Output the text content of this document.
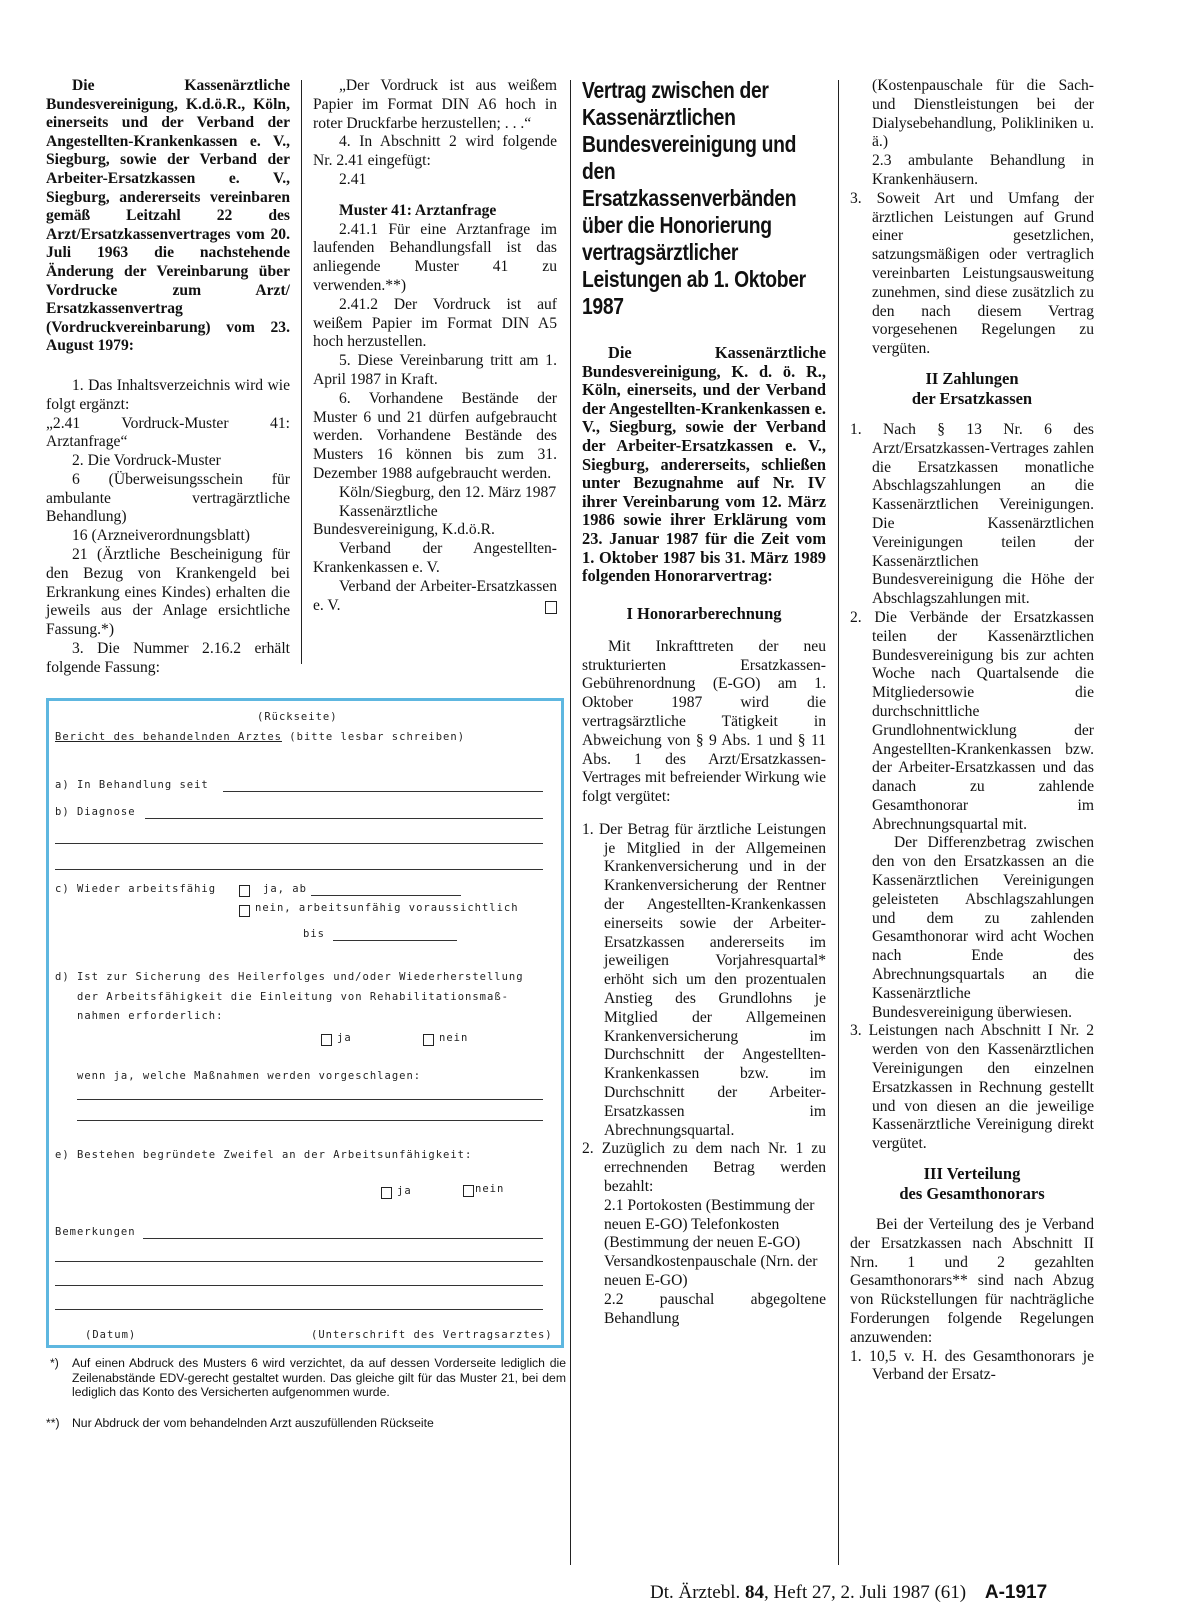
Die Kassenärztliche Bundesvereinigung, K.d.ö.R., Köln, einerseits und der Verband der Angestellten-Krankenkassen e. V., Siegburg, sowie der Verband der Arbeiter-Ersatzkassen e. V., Siegburg, andererseits vereinbaren gemäß Leitzahl 22 des Arzt/Ersatzkassenvertrages vom 20. Juli 1963 die nachstehende Änderung der Vereinbarung über Vordrucke zum Arzt/ Ersatzkassenvertrag (Vordruckvereinbarung) vom 23. August 1979:

1. Das Inhaltsverzeichnis wird wie folgt ergänzt:

„2.41 Vordruck-Muster 41: Arztanfrage“

2. Die Vordruck-Muster

6 (Überweisungsschein für ambulante vertragärztliche Behandlung)

16 (Arzneiverordnungsblatt)

21 (Ärztliche Bescheinigung für den Bezug von Krankengeld bei Erkrankung eines Kindes) erhalten die jeweils aus der Anlage ersichtliche Fassung.*)

3. Die Nummer 2.16.2 erhält folgende Fassung:

„Der Vordruck ist aus weißem Papier im Format DIN A6 hoch in roter Druckfarbe herzustellen; . . .“

4. In Abschnitt 2 wird folgende Nr. 2.41 eingefügt:

2.41

Muster 41: Arztanfrage

2.41.1 Für eine Arztanfrage im laufenden Behandlungsfall ist das anliegende Muster 41 zu verwenden.**)

2.41.2 Der Vordruck ist auf weißem Papier im Format DIN A5 hoch herzustellen.

5. Diese Vereinbarung tritt am 1. April 1987 in Kraft.

6. Vorhandene Bestände der Muster 6 und 21 dürfen aufgebraucht werden. Vorhandene Bestände des Musters 16 können bis zum 31. Dezember 1988 aufgebraucht werden.

Köln/Siegburg, den 12. März 1987

Kassenärztliche Bundesvereinigung, K.d.ö.R.

Verband der Angestellten-Krankenkassen e. V.

Verband der Arbeiter-Ersatzkassen e. V.

(Rückseite)
Bericht des behandelnden Arztes (bitte lesbar schreiben)
a) In Behandlung seit
b) Diagnose
c) Wieder arbeitsfähig	ja, ab
nein, arbeitsunfähig voraussichtlich
bis
d) Ist zur Sicherung des Heilerfolges und/oder Wiederherstellung
der Arbeitsfähigkeit die Einleitung von Rehabilitationsmaß-
nahmen erforderlich:
ja	nein
wenn ja, welche Maßnahmen werden vorgeschlagen:
e) Bestehen begründete Zweifel an der Arbeitsunfähigkeit:
ja	nein
Bemerkungen
(Datum)	(Unterschrift des Vertragsarztes)
*) Auf einen Abdruck des Musters 6 wird verzichtet, da auf dessen Vorderseite lediglich die Zeilenabstände EDV-gerecht gestaltet wurden. Das gleiche gilt für das Muster 21, bei dem lediglich das Konto des Versicherten aufgenommen wurde.
**) Nur Abdruck der vom behandelnden Arzt auszufüllenden Rückseite
Vertrag zwischen der Kassenärztlichen Bundesvereinigung und den Ersatzkassenverbänden über die Honorierung vertragsärztlicher Leistungen ab 1. Oktober 1987

Die Kassenärztliche Bundesvereinigung, K. d. ö. R., Köln, einerseits, und der Verband der Angestellten-Krankenkassen e. V., Siegburg, sowie der Verband der Arbeiter-Ersatzkassen e. V., Siegburg, andererseits, schließen unter Bezugnahme auf Nr. IV ihrer Vereinbarung vom 12. März 1986 sowie ihrer Erklärung vom 23. Januar 1987 für die Zeit vom 1. Oktober 1987 bis 31. März 1989 folgenden Honorarvertrag:

I Honorarberechnung

Mit Inkrafttreten der neu strukturierten Ersatzkassen-Gebührenordnung (E-GO) am 1. Oktober 1987 wird die vertragsärztliche Tätigkeit in Abweichung von § 9 Abs. 1 und § 11 Abs. 1 des Arzt/Ersatzkassen-Vertrages mit befreiender Wirkung wie folgt vergütet:

1. Der Betrag für ärztliche Leistungen je Mitglied in der Allgemeinen Krankenversicherung und in der Krankenversicherung der Rentner der Angestellten-Krankenkassen einerseits sowie der Arbeiter-Ersatzkassen andererseits im jeweiligen Vorjahresquartal* erhöht sich um den prozentualen Anstieg des Grundlohns je Mitglied der Allgemeinen Krankenversicherung im Durchschnitt der Angestellten-Krankenkassen bzw. im Durchschnitt der Arbeiter-Ersatzkassen im Abrechnungsquartal.

2. Zuzüglich zu dem nach Nr. 1 zu errechnenden Betrag werden bezahlt:

2.1 Portokosten (Bestimmung der neuen E-GO) Telefonkosten (Bestimmung der neuen E-GO) Versandkostenpauschale (Nrn. der neuen E-GO)

2.2 pauschal abgegoltene Behandlung

(Kostenpauschale für die Sach- und Dienstleistungen bei der Dialysebehandlung, Polikliniken u. ä.)

2.3 ambulante Behandlung in Krankenhäusern.

3. Soweit Art und Umfang der ärztlichen Leistungen auf Grund einer gesetzlichen, satzungsmäßigen oder vertraglich vereinbarten Leistungsausweitung zunehmen, sind diese zusätzlich zu den nach diesem Vertrag vorgesehenen Regelungen zu vergüten.

II Zahlungen

der Ersatzkassen

1. Nach § 13 Nr. 6 des Arzt/Ersatzkassen-Vertrages zahlen die Ersatzkassen monatliche Abschlagszahlungen an die Kassenärztlichen Vereinigungen. Die Kassenärztlichen Vereinigungen teilen der Kassenärztlichen Bundesvereinigung die Höhe der Abschlagszahlungen mit.

2. Die Verbände der Ersatzkassen teilen der Kassenärztlichen Bundesvereinigung bis zur achten Woche nach Quartalsende die Mitgliedersowie die durchschnittliche Grundlohnentwicklung der Angestellten-Krankenkassen bzw. der Arbeiter-Ersatzkassen und das danach zu zahlende Gesamthonorar im Abrechnungsquartal mit.

Der Differenzbetrag zwischen den von den Ersatzkassen an die Kassenärztlichen Vereinigungen geleisteten Abschlagszahlungen und dem zu zahlenden Gesamthonorar wird acht Wochen nach Ende des Abrechnungsquartals an die Kassenärztliche Bundesvereinigung überwiesen.

3. Leistungen nach Abschnitt I Nr. 2 werden von den Kassenärztlichen Vereinigungen den einzelnen Ersatzkassen in Rechnung gestellt und von diesen an die jeweilige Kassenärztliche Vereinigung direkt vergütet.

III Verteilung

des Gesamthonorars

Bei der Verteilung des je Verband der Ersatzkassen nach Abschnitt II Nrn. 1 und 2 gezahlten Gesamthonorars** sind nach Abzug von Rückstellungen für nachträgliche Forderungen folgende Regelungen anzuwenden:

1. 10,5 v. H. des Gesamthonorars je Verband der Ersatz-

Dt. Ärztebl. 84, Heft 27, 2. Juli 1987 (61) A-1917
